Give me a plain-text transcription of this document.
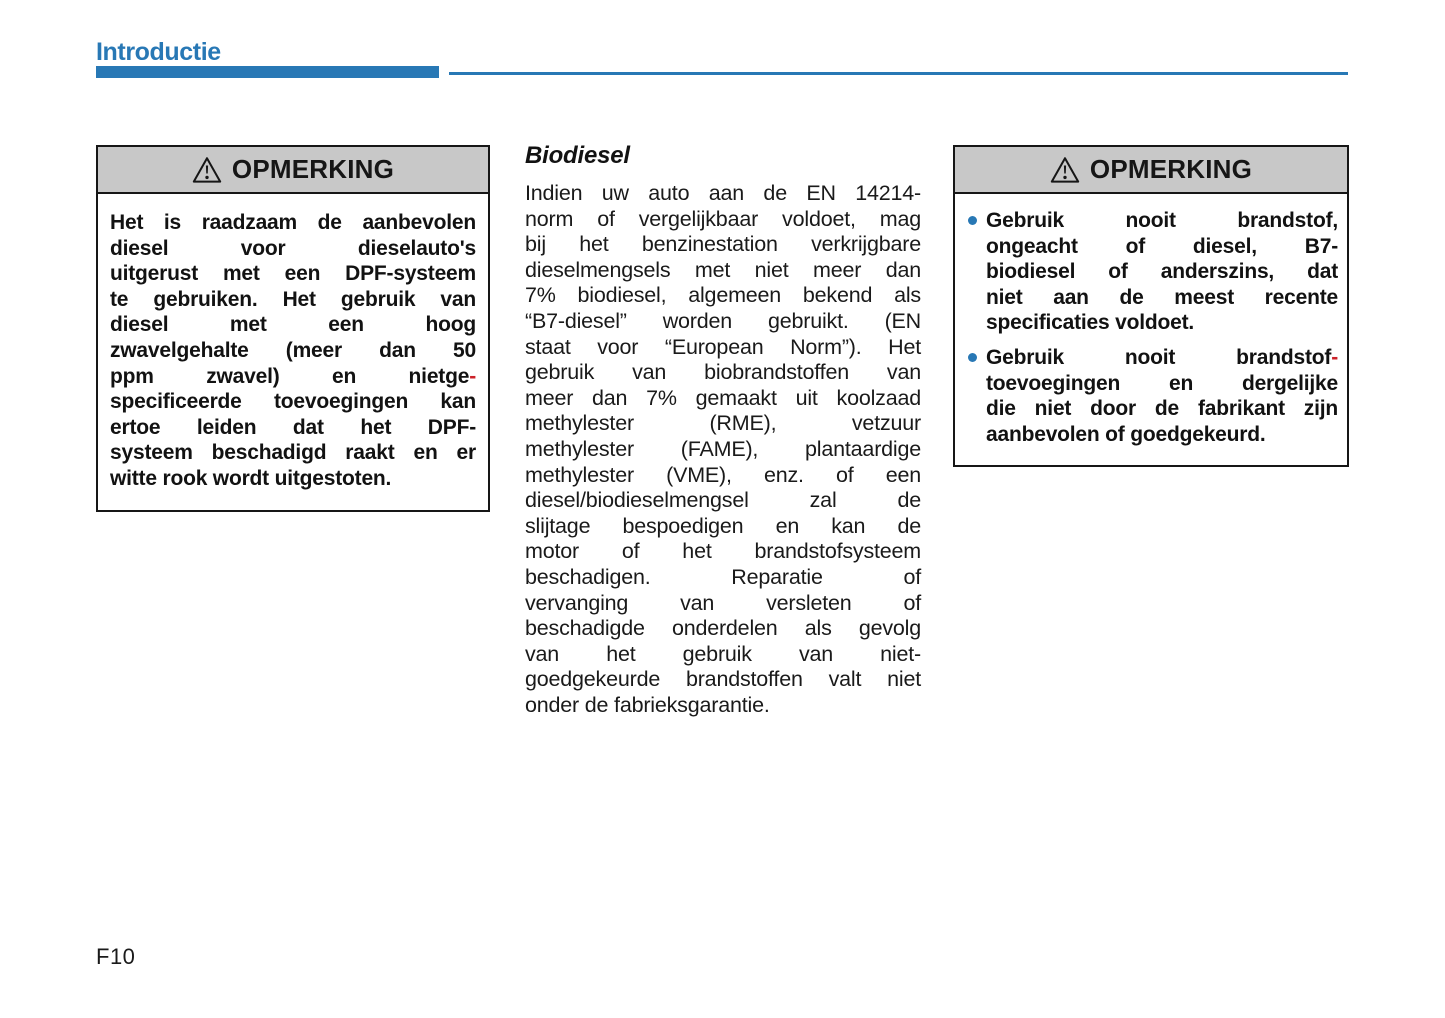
Introductie
OPMERKING
Het is raadzaam de aanbevolen
diesel voor dieselauto's
uitgerust met een DPF-systeem
te gebruiken. Het gebruik van
diesel met een hoog
zwavelgehalte (meer dan 50
ppm zwavel) en nietge-
specificeerde toevoegingen kan
ertoe leiden dat het DPF-
systeem beschadigd raakt en er
witte rook wordt uitgestoten.
Biodiesel
Indien uw auto aan de EN 14214-
norm of vergelijkbaar voldoet, mag
bij het benzinestation verkrijgbare
dieselmengsels met niet meer dan
7% biodiesel, algemeen bekend als
“B7-diesel” worden gebruikt. (EN
staat voor “European Norm”). Het
gebruik van biobrandstoffen van
meer dan 7% gemaakt uit koolzaad
methylester (RME), vetzuur
methylester (FAME), plantaardige
methylester (VME), enz. of een
diesel/biodieselmengsel zal de
slijtage bespoedigen en kan de
motor of het brandstofsysteem
beschadigen. Reparatie of
vervanging van versleten of
beschadigde onderdelen als gevolg
van het gebruik van niet-
goedgekeurde brandstoffen valt niet
onder de fabrieksgarantie.
OPMERKING
Gebruik nooit brandstof,
ongeacht of diesel, B7-
biodiesel of anderszins, dat
niet aan de meest recente
specificaties voldoet.
Gebruik nooit brandstof-
toevoegingen en dergelijke
die niet door de fabrikant zijn
aanbevolen of goedgekeurd.
F10
